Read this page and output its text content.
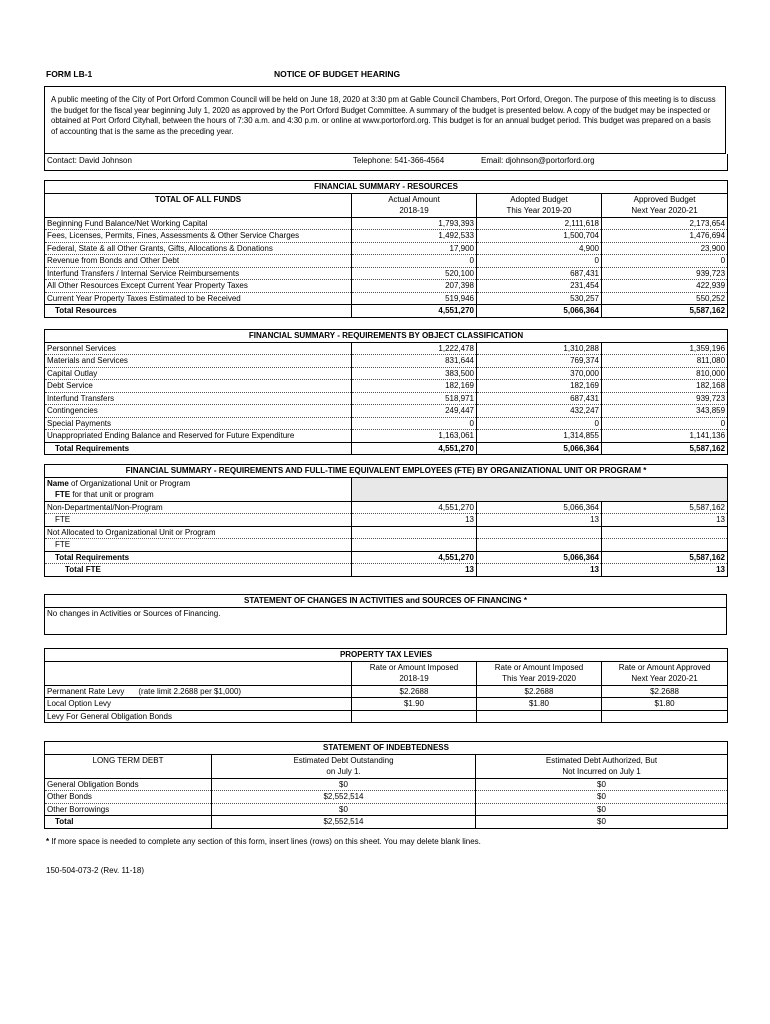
FORM LB-1	NOTICE OF BUDGET HEARING
A public meeting of the City of Port Orford Common Council will be held on June 18, 2020 at 3:30 pm at Gable Council Chambers, Port Orford, Oregon. The purpose of this meeting is to discuss the budget for the fiscal year beginning July 1, 2020 as approved by the Port Orford Budget Committee. A summary of the budget is presented below. A copy of the budget may be inspected or obtained at Port Orford Cityhall, between the hours of 7:30 a.m. and 4:30 p.m. or online at www.portorford.org. This budget is for an annual budget period. This budget was prepared on a basis of accounting that is the same as the preceding year.
Contact: David Johnson	Telephone: 541-366-4564	Email: djohnson@portorford.org
FINANCIAL SUMMARY - RESOURCES			
TOTAL OF ALL FUNDS	Actual Amount	Adopted Budget	Approved Budget
	2018-19	This Year 2019-20	Next Year 2020-21
Beginning Fund Balance/Net Working Capital	1,793,393	2,111,618	2,173,654
Fees, Licenses, Permits, Fines, Assessments & Other Service Charges	1,492,533	1,500,704	1,476,694
Federal, State & all Other Grants, Gifts, Allocations & Donations	17,900	4,900	23,900
Revenue from Bonds and Other Debt	0	0	0
Interfund Transfers / Internal Service Reimbursements	520,100	687,431	939,723
All Other Resources Except Current Year Property Taxes	207,398	231,454	422,939
Current Year Property Taxes Estimated to be Received	519,946	530,257	550,252
Total Resources	4,551,270	5,066,364	5,587,162
FINANCIAL SUMMARY - REQUIREMENTS BY OBJECT CLASSIFICATION			
Personnel Services	1,222,478	1,310,288	1,359,196
Materials and Services	831,644	769,374	811,080
Capital Outlay	383,500	370,000	810,000
Debt Service	182,169	182,169	182,168
Interfund Transfers	518,971	687,431	939,723
Contingencies	249,447	432,247	343,859
Special Payments	0	0	0
Unappropriated Ending Balance and Reserved for Future Expenditure	1,163,061	1,314,855	1,141,136
Total Requirements	4,551,270	5,066,364	5,587,162
FINANCIAL SUMMARY - REQUIREMENTS AND FULL-TIME EQUIVALENT EMPLOYEES (FTE) BY ORGANIZATIONAL UNIT OR PROGRAM *			
Name of Organizational Unit or Program			
FTE for that unit or program			
Non-Departmental/Non-Program	4,551,270	5,066,364	5,587,162
FTE	13	13	13
Not Allocated to Organizational Unit or Program			
FTE			
Total Requirements	4,551,270	5,066,364	5,587,162
Total FTE	13	13	13
STATEMENT OF CHANGES IN ACTIVITIES and SOURCES OF FINANCING *
No changes in Activities or Sources of Financing.
PROPERTY TAX LEVIES			
	Rate or Amount Imposed	Rate or Amount Imposed	Rate or Amount Approved
	2018-19	This Year 2019-2020	Next Year 2020-21
Permanent Rate Levy (rate limit 2.2688 per $1,000)	$2.2688	$2.2688	$2.2688
Local Option Levy	$1.90	$1.80	$1.80
Levy For General Obligation Bonds			
STATEMENT OF INDEBTEDNESS		
LONG TERM DEBT	Estimated Debt Outstanding	Estimated Debt Authorized, But
	on July 1.	Not Incurred on July 1
General Obligation Bonds	$0	$0
Other Bonds	$2,552,514	$0
Other Borrowings	$0	$0
Total	$2,552,514	$0
* If more space is needed to complete any section of this form, insert lines (rows) on this sheet. You may delete blank lines.
150-504-073-2 (Rev. 11-18)
